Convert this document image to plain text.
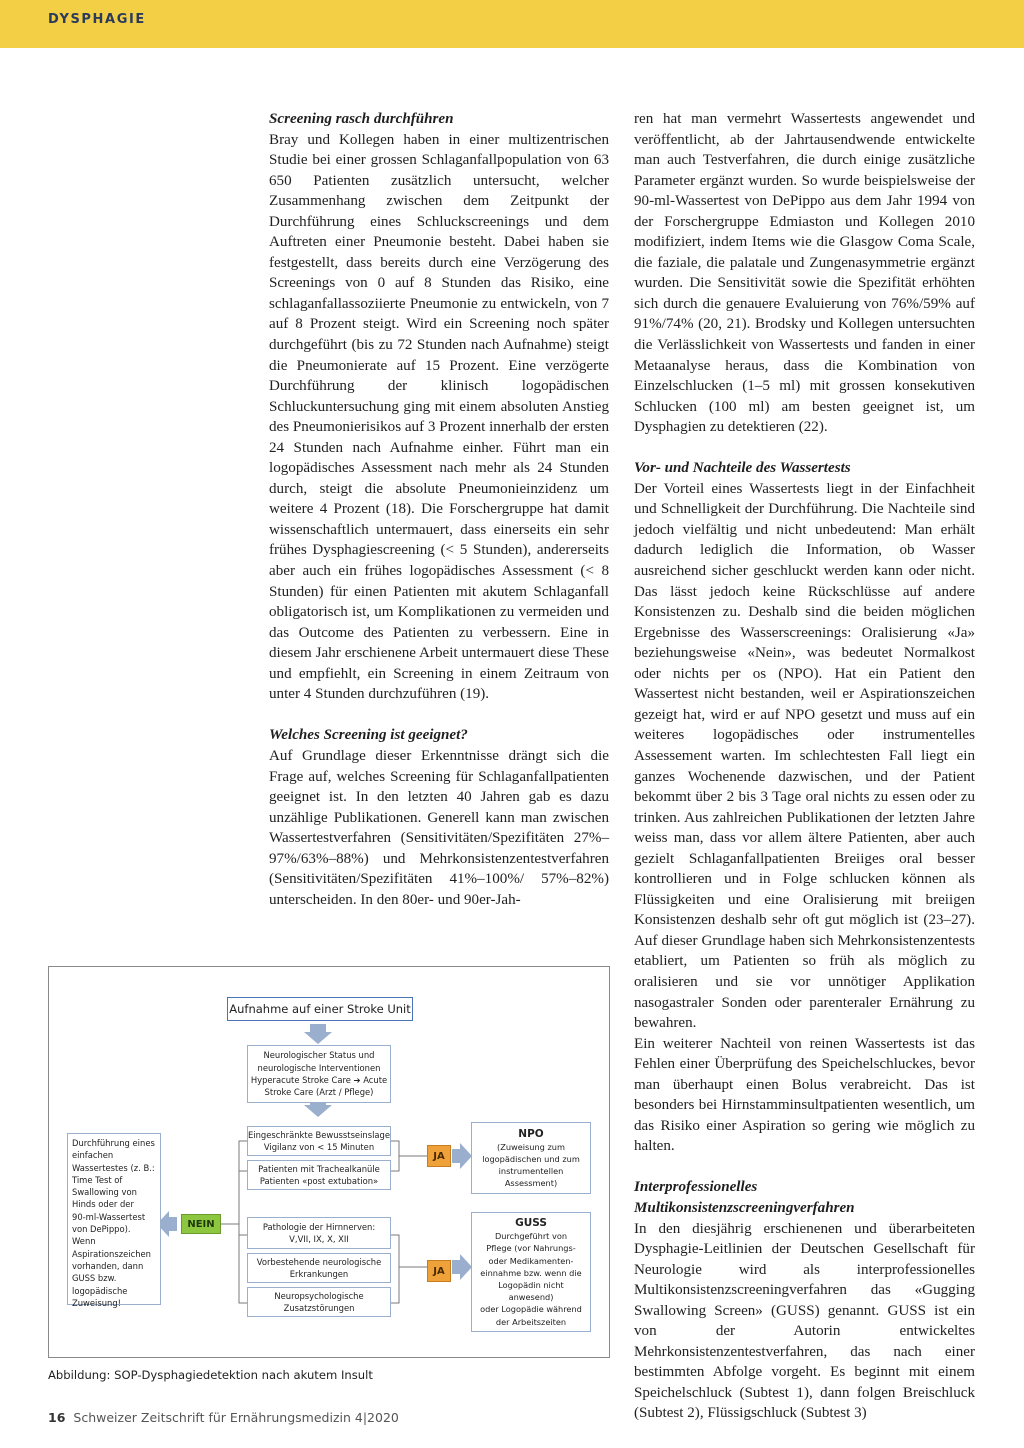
DYSPHAGIE

Screening rasch durchführen

Bray und Kollegen haben in einer multizentrischen Studie bei einer grossen Schlaganfallpopulation von 63 650 Patienten zusätzlich untersucht, welcher Zusammenhang zwischen dem Zeitpunkt der Durchführung eines Schluckscreenings und dem Auftreten einer Pneumonie besteht. Dabei haben sie festgestellt, dass bereits durch eine Verzögerung des Screenings von 0 auf 8 Stunden das Risiko, eine schlaganfallassoziierte Pneumonie zu entwickeln, von 7 auf 8 Prozent steigt. Wird ein Screening noch später durchgeführt (bis zu 72 Stunden nach Aufnahme) steigt die Pneumonierate auf 15 Prozent. Eine verzögerte Durchführung der klinisch logopädischen Schluckuntersuchung ging mit einem absoluten Anstieg des Pneumonierisikos auf 3 Prozent innerhalb der ersten 24 Stunden nach Aufnahme einher. Führt man ein logopädisches Assessment nach mehr als 24 Stunden durch, steigt die absolute Pneumonieinzidenz um weitere 4 Prozent (18). Die Forschergruppe hat damit wissenschaftlich untermauert, dass einerseits ein sehr frühes Dysphagiescreening (< 5 Stunden), andererseits aber auch ein frühes logopädisches Assessment (< 8 Stunden) für einen Patienten mit akutem Schlaganfall obligatorisch ist, um Komplikationen zu vermeiden und das Outcome des Patienten zu verbessern. Eine in diesem Jahr erschienene Arbeit untermauert diese These und empfiehlt, ein Screening in einem Zeitraum von unter 4 Stunden durchzuführen (19).

Welches Screening ist geeignet?

Auf Grundlage dieser Erkenntnisse drängt sich die Frage auf, welches Screening für Schlaganfallpatienten geeignet ist. In den letzten 40 Jahren gab es dazu unzählige Publikationen. Generell kann man zwischen Wassertestverfahren (Sensitivitäten/Spezifitäten 27%–97%/63%–88%) und Mehrkonsistenzentestverfahren (Sensitivitäten/Spezifitäten 41%–100%/ 57%–82%) unterscheiden. In den 80er- und 90er-Jah-

ren hat man vermehrt Wassertests angewendet und veröffentlicht, ab der Jahrtausendwende entwickelte man auch Testverfahren, die durch einige zusätzliche Parameter ergänzt wurden. So wurde beispielsweise der 90-ml-Wassertest von DePippo aus dem Jahr 1994 von der Forschergruppe Edmiaston und Kollegen 2010 modifiziert, indem Items wie die Glasgow Coma Scale, die faziale, die palatale und Zungenasymmetrie ergänzt wurden. Die Sensitivität sowie die Spezifität erhöhten sich durch die genauere Evaluierung von 76%/59% auf 91%/74% (20, 21). Brodsky und Kollegen untersuchten die Verlässlichkeit von Wassertests und fanden in einer Metaanalyse heraus, dass die Kombination von Einzelschlucken (1–5 ml) mit grossen konsekutiven Schlucken (100 ml) am besten geeignet ist, um Dysphagien zu detektieren (22).

Vor- und Nachteile des Wassertests

Der Vorteil eines Wassertests liegt in der Einfachheit und Schnelligkeit der Durchführung. Die Nachteile sind jedoch vielfältig und nicht unbedeutend: Man erhält dadurch lediglich die Information, ob Wasser ausreichend sicher geschluckt werden kann oder nicht. Das lässt jedoch keine Rückschlüsse auf andere Konsistenzen zu. Deshalb sind die beiden möglichen Ergebnisse des Wasserscreenings: Oralisierung «Ja» beziehungsweise «Nein», was bedeutet Normalkost oder nichts per os (NPO). Hat ein Patient den Wassertest nicht bestanden, weil er Aspirationszeichen gezeigt hat, wird er auf NPO gesetzt und muss auf ein weiteres logopädisches oder instrumentelles Assessement warten. Im schlechtesten Fall liegt ein ganzes Wochenende dazwischen, und der Patient bekommt über 2 bis 3 Tage oral nichts zu essen oder zu trinken. Aus zahlreichen Publikationen der letzten Jahre weiss man, dass vor allem ältere Patienten, aber auch gezielt Schlaganfallpatienten Breiiges oral besser kontrollieren und in Folge schlucken können als Flüssigkeiten und eine Oralisierung mit breiigen Konsistenzen deshalb sehr oft gut möglich ist (23–27). Auf dieser Grundlage haben sich Mehrkonsistenzentests etabliert, um Patienten so früh als möglich zu oralisieren und sie vor unnötiger Applikation nasogastraler Sonden oder parenteraler Ernährung zu bewahren.

Ein weiterer Nachteil von reinen Wassertests ist das Fehlen einer Überprüfung des Speichelschluckes, bevor man überhaupt einen Bolus verabreicht. Das ist besonders bei Hirnstamminsultpatienten wesentlich, um das Risiko einer Aspiration so gering wie möglich zu halten.

Interprofessionelles Multikonsistenzscreeningverfahren

In den diesjährig erschienenen und überarbeiteten Dysphagie-Leitlinien der Deutschen Gesellschaft für Neurologie wird als interprofessionelles Multikonsistenzscreeningverfahren das «Gugging Swallowing Screen» (GUSS) genannt. GUSS ist ein von der Autorin entwickeltes Mehrkonsistenzentestverfahren, das nach einer bestimmten Abfolge vorgeht. Es beginnt mit einem Speichelschluck (Subtest 1), dann folgen Breischluck (Subtest 2), Flüssigschluck (Subtest 3)

Aufnahme auf einer Stroke Unit
Neurologischer Status und
neurologische Interventionen
Hyperacute Stroke Care ➔ Acute
Stroke Care (Arzt / Pflege)
Eingeschränkte Bewusstseinslage
Vigilanz von < 15 Minuten
Patienten mit Trachealkanüle
Patienten «post extubation»
Pathologie der Hirnnerven:
V,VII, IX, X, XII
Vorbestehende neurologische
Erkrankungen
Neuropsychologische
Zusatzstörungen
JA
JA
NEIN
NPO
(Zuweisung zum
logopädischen und zum
instrumentellen
Assessment)
GUSS
Durchgeführt von
Pflege (vor Nahrungs-
oder Medikamenten-
einnahme bzw. wenn die
Logopädin nicht
anwesend)
oder Logopädie während
der Arbeitszeiten
Durchführung eines
einfachen
Wassertestes (z. B.:
Time Test of
Swallowing von
Hinds oder der
90-ml-Wassertest
von DePippo). Wenn
Aspirationszeichen
vorhanden, dann
GUSS bzw.
logopädische
Zuweisung!
Abbildung: SOP-Dysphagiedetektion nach akutem Insult
16 Schweizer Zeitschrift für Ernährungsmedizin 4|2020
